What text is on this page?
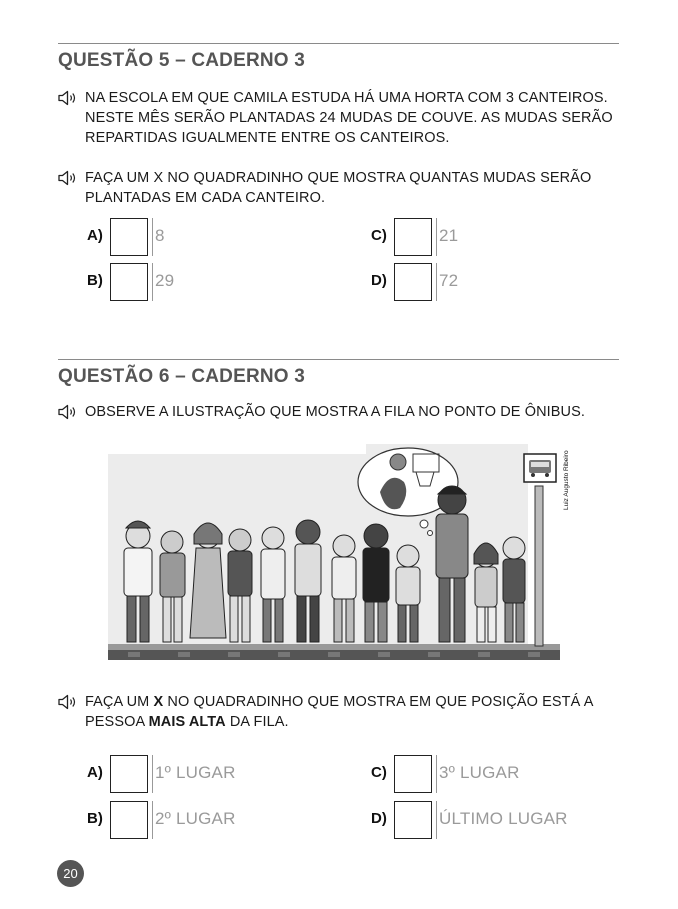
QUESTÃO 5 – CADERNO 3
NA ESCOLA EM QUE CAMILA ESTUDA HÁ UMA HORTA COM 3 CANTEIROS. NESTE MÊS SERÃO PLANTADAS 24 MUDAS DE COUVE. AS MUDAS SERÃO REPARTIDAS IGUALMENTE ENTRE OS CANTEIROS.
FAÇA UM X NO QUADRADINHO QUE MOSTRA QUANTAS MUDAS SERÃO PLANTADAS EM CADA CANTEIRO.
A)	8
B)	29
C)	21
D)	72
QUESTÃO 6 – CADERNO 3
OBSERVE A ILUSTRAÇÃO QUE MOSTRA A FILA NO PONTO DE ÔNIBUS.
Luiz Augusto Ribeiro
FAÇA UM X NO QUADRADINHO QUE MOSTRA EM QUE POSIÇÃO ESTÁ A PESSOA MAIS ALTA DA FILA.
A)	1º LUGAR
B)	2º LUGAR
C)	3º LUGAR
D)	ÚLTIMO LUGAR
20
